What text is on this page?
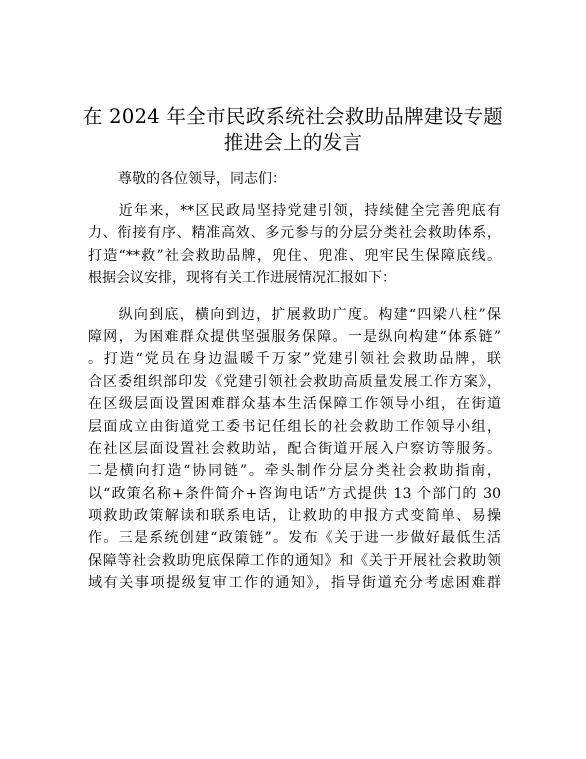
在 2024 年全市民政系统社会救助品牌建设专题
推进会上的发言
尊敬的各位领导，同志们：
　　近年来，**区民政局坚持党建引领，持续健全完善兜底有
力、衔接有序、精准高效、多元参与的分层分类社会救助体系，
打造“**救”社会救助品牌，兜住、兜准、兜牢民生保障底线。
根据会议安排，现将有关工作进展情况汇报如下：
　　纵向到底，横向到边，扩展救助广度。构建“四梁八柱”保
障网，为困难群众提供坚强服务保障。一是纵向构建“体系链”
。打造“党员在身边温暖千万家”党建引领社会救助品牌，联
合区委组织部印发《党建引领社会救助高质量发展工作方案》，
在区级层面设置困难群众基本生活保障工作领导小组，在街道
层面成立由街道党工委书记任组长的社会救助工作领导小组，
在社区层面设置社会救助站，配合街道开展入户察访等服务。
二是横向打造“协同链”。牵头制作分层分类社会救助指南，
以“政策名称+条件简介+咨询电话”方式提供 13 个部门的 30
项救助政策解读和联系电话，让救助的申报方式变简单、易操
作。三是系统创建“政策链”。发布《关于进一步做好最低生活
保障等社会救助兜底保障工作的通知》和《关于开展社会救助领
域有关事项提级复审工作的通知》，指导街道充分考虑困难群
